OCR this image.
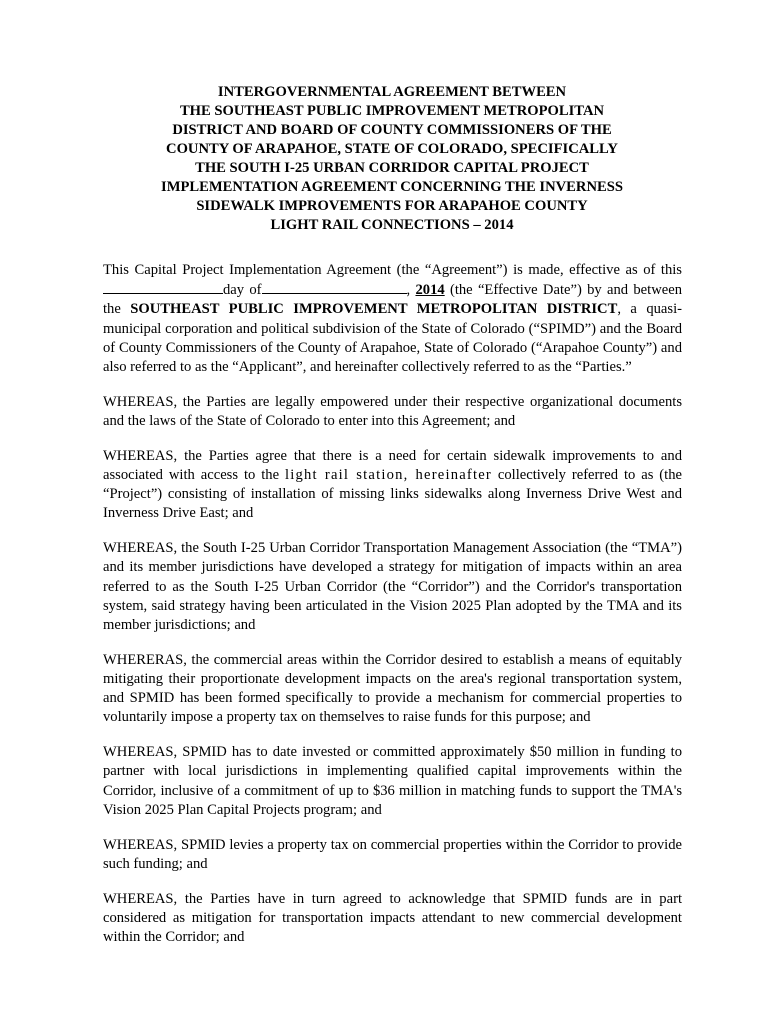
INTERGOVERNMENTAL AGREEMENT BETWEEN
THE SOUTHEAST PUBLIC IMPROVEMENT METROPOLITAN
DISTRICT AND BOARD OF COUNTY COMMISSIONERS OF THE
COUNTY OF ARAPAHOE, STATE OF COLORADO, SPECIFICALLY
THE SOUTH I-25 URBAN CORRIDOR CAPITAL PROJECT
IMPLEMENTATION AGREEMENT CONCERNING THE INVERNESS
SIDEWALK IMPROVEMENTS FOR ARAPAHOE COUNTY
LIGHT RAIL CONNECTIONS – 2014

This Capital Project Implementation Agreement (the “Agreement”) is made, effective as of this day of	, 2014 (the “Effective Date”) by and between the SOUTHEAST PUBLIC IMPROVEMENT METROPOLITAN DISTRICT, a quasi-municipal corporation and political subdivision of the State of Colorado (“SPIMD”) and the Board of County Commissioners of the County of Arapahoe, State of Colorado (“Arapahoe County”) and also referred to as the “Applicant”, and hereinafter collectively referred to as the “Parties.”

WHEREAS, the Parties are legally empowered under their respective organizational documents and the laws of the State of Colorado to enter into this Agreement; and

WHEREAS, the Parties agree that there is a need for certain sidewalk improvements to and associated with access to the light rail station, hereinafter collectively referred to as (the “Project”) consisting of installation of missing links sidewalks along Inverness Drive West and Inverness Drive East; and

WHEREAS, the South I-25 Urban Corridor Transportation Management Association (the “TMA”) and its member jurisdictions have developed a strategy for mitigation of impacts within an area referred to as the South I-25 Urban Corridor (the “Corridor”) and the Corridor's transportation system, said strategy having been articulated in the Vision 2025 Plan adopted by the TMA and its member jurisdictions; and

WHERERAS, the commercial areas within the Corridor desired to establish a means of equitably mitigating their proportionate development impacts on the area's regional transportation system, and SPMID has been formed specifically to provide a mechanism for commercial properties to voluntarily impose a property tax on themselves to raise funds for this purpose; and

WHEREAS, SPMID has to date invested or committed approximately $50 million in funding to partner with local jurisdictions in implementing qualified capital improvements within the Corridor, inclusive of a commitment of up to $36 million in matching funds to support the TMA's Vision 2025 Plan Capital Projects program; and

WHEREAS, SPMID levies a property tax on commercial properties within the Corridor to provide such funding; and

WHEREAS, the Parties have in turn agreed to acknowledge that SPMID funds are in part considered as mitigation for transportation impacts attendant to new commercial development within the Corridor; and
